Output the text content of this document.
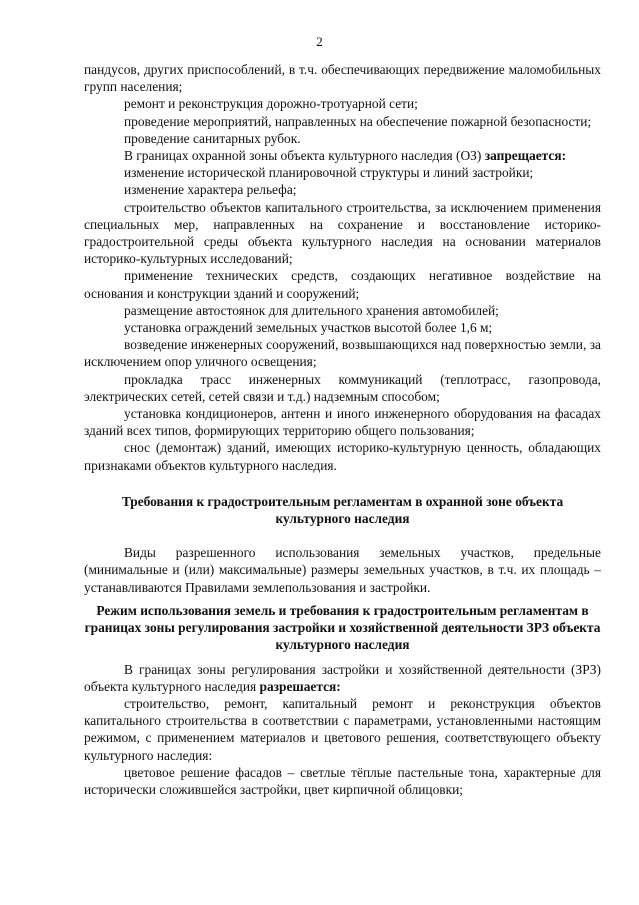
2

пандусов, других приспособлений, в т.ч. обеспечивающих передвижение маломобильных групп населения;

ремонт и реконструкция дорожно-тротуарной сети;

проведение мероприятий, направленных на обеспечение пожарной безопасности;

проведение санитарных рубок.

В границах охранной зоны объекта культурного наследия (ОЗ) запрещается:

изменение исторической планировочной структуры и линий застройки;

изменение характера рельефа;

строительство объектов капитального строительства, за исключением применения специальных мер, направленных на сохранение и восстановление историко-градостроительной среды объекта культурного наследия на основании материалов историко-культурных исследований;

применение технических средств, создающих негативное воздействие на основания и конструкции зданий и сооружений;

размещение автостоянок для длительного хранения автомобилей;

установка ограждений земельных участков высотой более 1,6 м;

возведение инженерных сооружений, возвышающихся над поверхностью земли, за исключением опор уличного освещения;

прокладка трасс инженерных коммуникаций (теплотрасс, газопровода, электрических сетей, сетей связи и т.д.) надземным способом;

установка кондиционеров, антенн и иного инженерного оборудования на фасадах зданий всех типов, формирующих территорию общего пользования;

снос (демонтаж) зданий, имеющих историко-культурную ценность, обладающих признаками объектов культурного наследия.

Требования к градостроительным регламентам в охранной зоне объекта культурного наследия

Виды разрешенного использования земельных участков, предельные (минимальные и (или) максимальные) размеры земельных участков, в т.ч. их площадь – устанавливаются Правилами землепользования и застройки.

Режим использования земель и требования к градостроительным регламентам в границах зоны регулирования застройки и хозяйственной деятельности ЗРЗ объекта культурного наследия

В границах зоны регулирования застройки и хозяйственной деятельности (ЗРЗ) объекта культурного наследия разрешается:

строительство, ремонт, капитальный ремонт и реконструкция объектов капитального строительства в соответствии с параметрами, установленными настоящим режимом, с применением материалов и цветового решения, соответствующего объекту культурного наследия:

цветовое решение фасадов – светлые тёплые пастельные тона, характерные для исторически сложившейся застройки, цвет кирпичной облицовки;
